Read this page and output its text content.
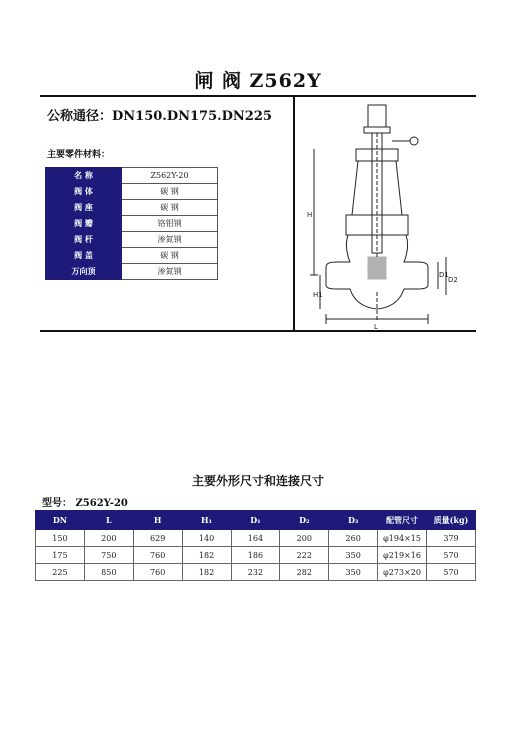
闸 阀 Z562Y
公称通径：DN150.DN175.DN225
主要零件材料：
名 称	Z562Y-20
阀 体	碳 钢
阀 座	碳 钢
阀 瓣	铬钼钢
阀 杆	渗氮钢
阀 盖	碳 钢
万向顶	渗氮钢
H
H1
L
D1
D2
主要外形尺寸和连接尺寸
型号： Z562Y-20
DN	L	H	H₁	D₁	D₂	D₃	配管尺寸	质量(kg)
150	200	629	140	164	200	260	φ194×15	379
175	750	760	182	186	222	350	φ219×16	570
225	850	760	182	232	282	350	φ273×20	570
